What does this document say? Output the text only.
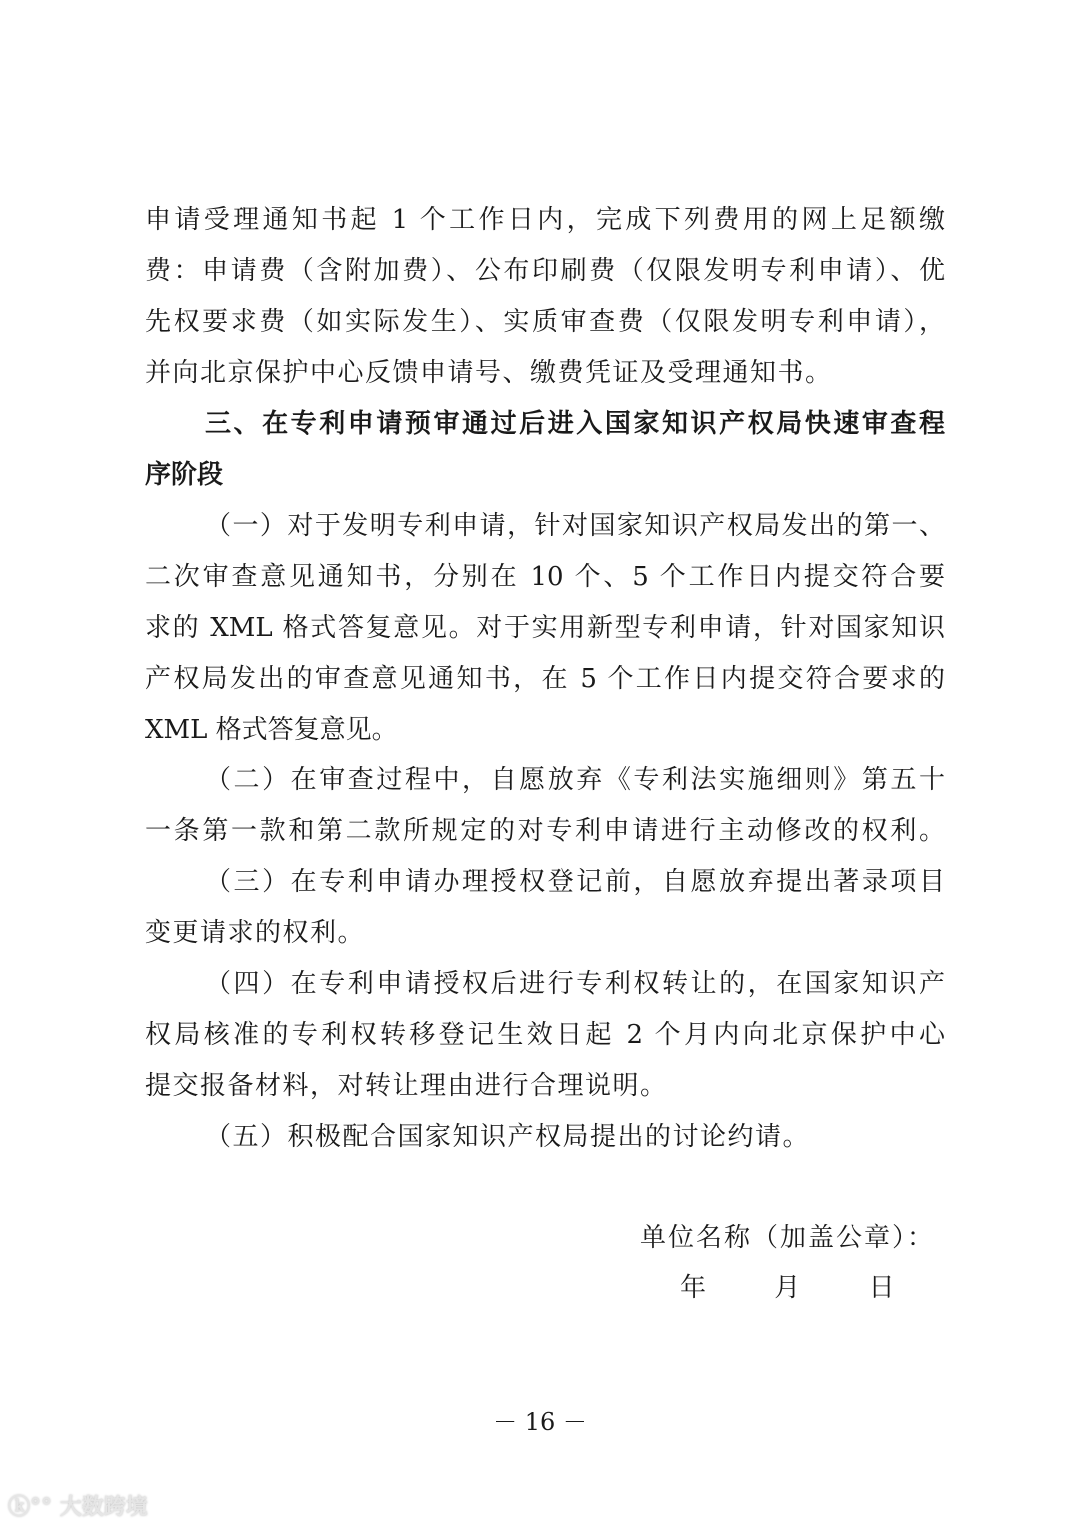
申请受理通知书起 1 个工作日内，完成下列费用的网上足额缴
费：申请费（含附加费）、公布印刷费（仅限发明专利申请）、优
先权要求费（如实际发生）、实质审查费（仅限发明专利申请），
并向北京保护中心反馈申请号、缴费凭证及受理通知书。
三、在专利申请预审通过后进入国家知识产权局快速审查程
序阶段
（一）对于发明专利申请，针对国家知识产权局发出的第一、
二次审查意见通知书，分别在 10 个、5 个工作日内提交符合要
求的 XML 格式答复意见。对于实用新型专利申请，针对国家知识
产权局发出的审查意见通知书，在 5 个工作日内提交符合要求的
XML 格式答复意见。
（二）在审查过程中，自愿放弃《专利法实施细则》第五十
一条第一款和第二款所规定的对专利申请进行主动修改的权利。
（三）在专利申请办理授权登记前，自愿放弃提出著录项目
变更请求的权利。
（四）在专利申请授权后进行专利权转让的，在国家知识产
权局核准的专利权转移登记生效日起 2 个月内向北京保护中心
提交报备材料，对转让理由进行合理说明。
（五）积极配合国家知识产权局提出的讨论约请。
单位名称（加盖公章）：
年	月	日
－ 16 －
ⓚ°° 大数跨境
